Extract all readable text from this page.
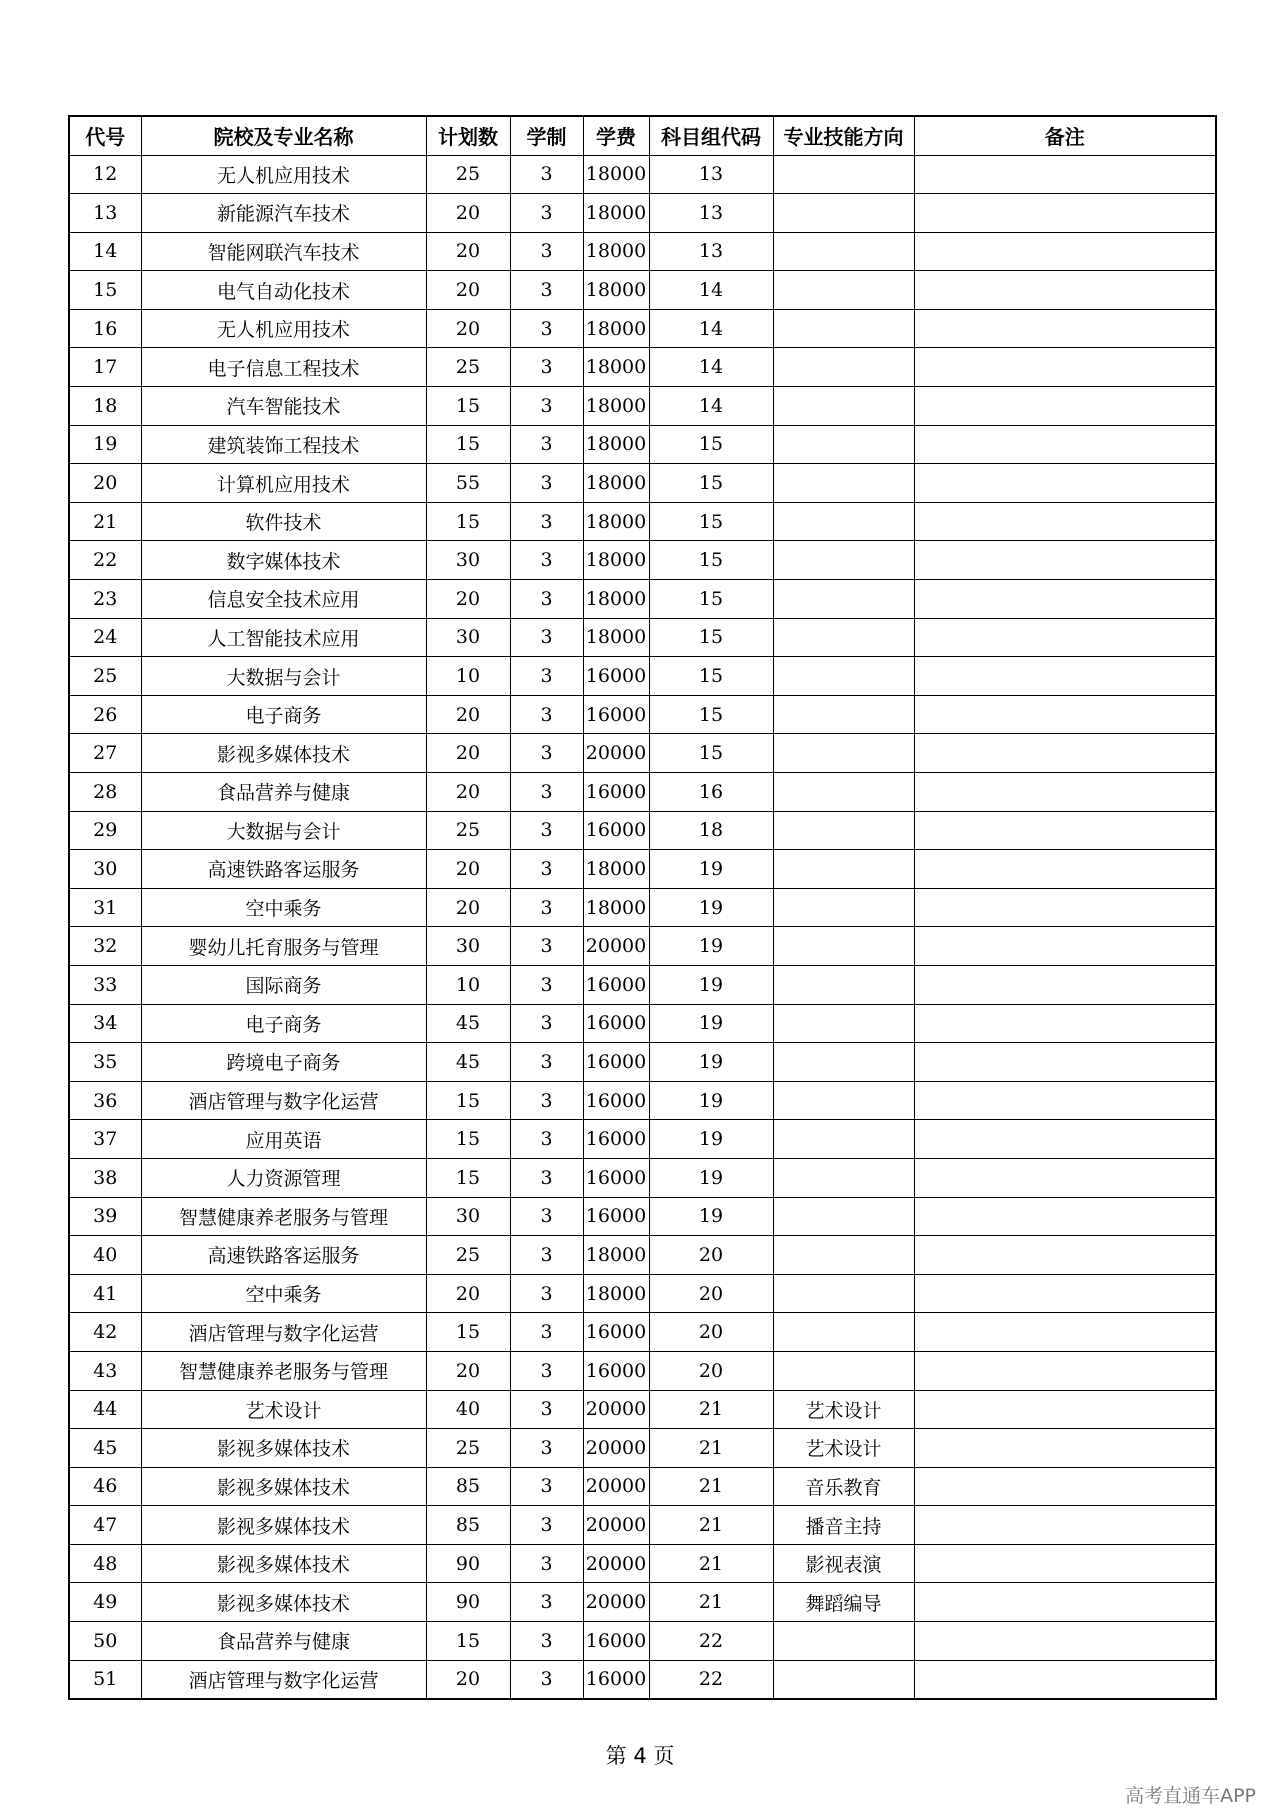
代号	院校及专业名称	计划数	学制	学费	科目组代码	专业技能方向	备注
12	无人机应用技术	25	3	18000	13		
13	新能源汽车技术	20	3	18000	13		
14	智能网联汽车技术	20	3	18000	13		
15	电气自动化技术	20	3	18000	14		
16	无人机应用技术	20	3	18000	14		
17	电子信息工程技术	25	3	18000	14		
18	汽车智能技术	15	3	18000	14		
19	建筑装饰工程技术	15	3	18000	15		
20	计算机应用技术	55	3	18000	15		
21	软件技术	15	3	18000	15		
22	数字媒体技术	30	3	18000	15		
23	信息安全技术应用	20	3	18000	15		
24	人工智能技术应用	30	3	18000	15		
25	大数据与会计	10	3	16000	15		
26	电子商务	20	3	16000	15		
27	影视多媒体技术	20	3	20000	15		
28	食品营养与健康	20	3	16000	16		
29	大数据与会计	25	3	16000	18		
30	高速铁路客运服务	20	3	18000	19		
31	空中乘务	20	3	18000	19		
32	婴幼儿托育服务与管理	30	3	20000	19		
33	国际商务	10	3	16000	19		
34	电子商务	45	3	16000	19		
35	跨境电子商务	45	3	16000	19		
36	酒店管理与数字化运营	15	3	16000	19		
37	应用英语	15	3	16000	19		
38	人力资源管理	15	3	16000	19		
39	智慧健康养老服务与管理	30	3	16000	19		
40	高速铁路客运服务	25	3	18000	20		
41	空中乘务	20	3	18000	20		
42	酒店管理与数字化运营	15	3	16000	20		
43	智慧健康养老服务与管理	20	3	16000	20		
44	艺术设计	40	3	20000	21	艺术设计	
45	影视多媒体技术	25	3	20000	21	艺术设计	
46	影视多媒体技术	85	3	20000	21	音乐教育	
47	影视多媒体技术	85	3	20000	21	播音主持	
48	影视多媒体技术	90	3	20000	21	影视表演	
49	影视多媒体技术	90	3	20000	21	舞蹈编导	
50	食品营养与健康	15	3	16000	22		
51	酒店管理与数字化运营	20	3	16000	22		
第 4 页
高考直通车APP
